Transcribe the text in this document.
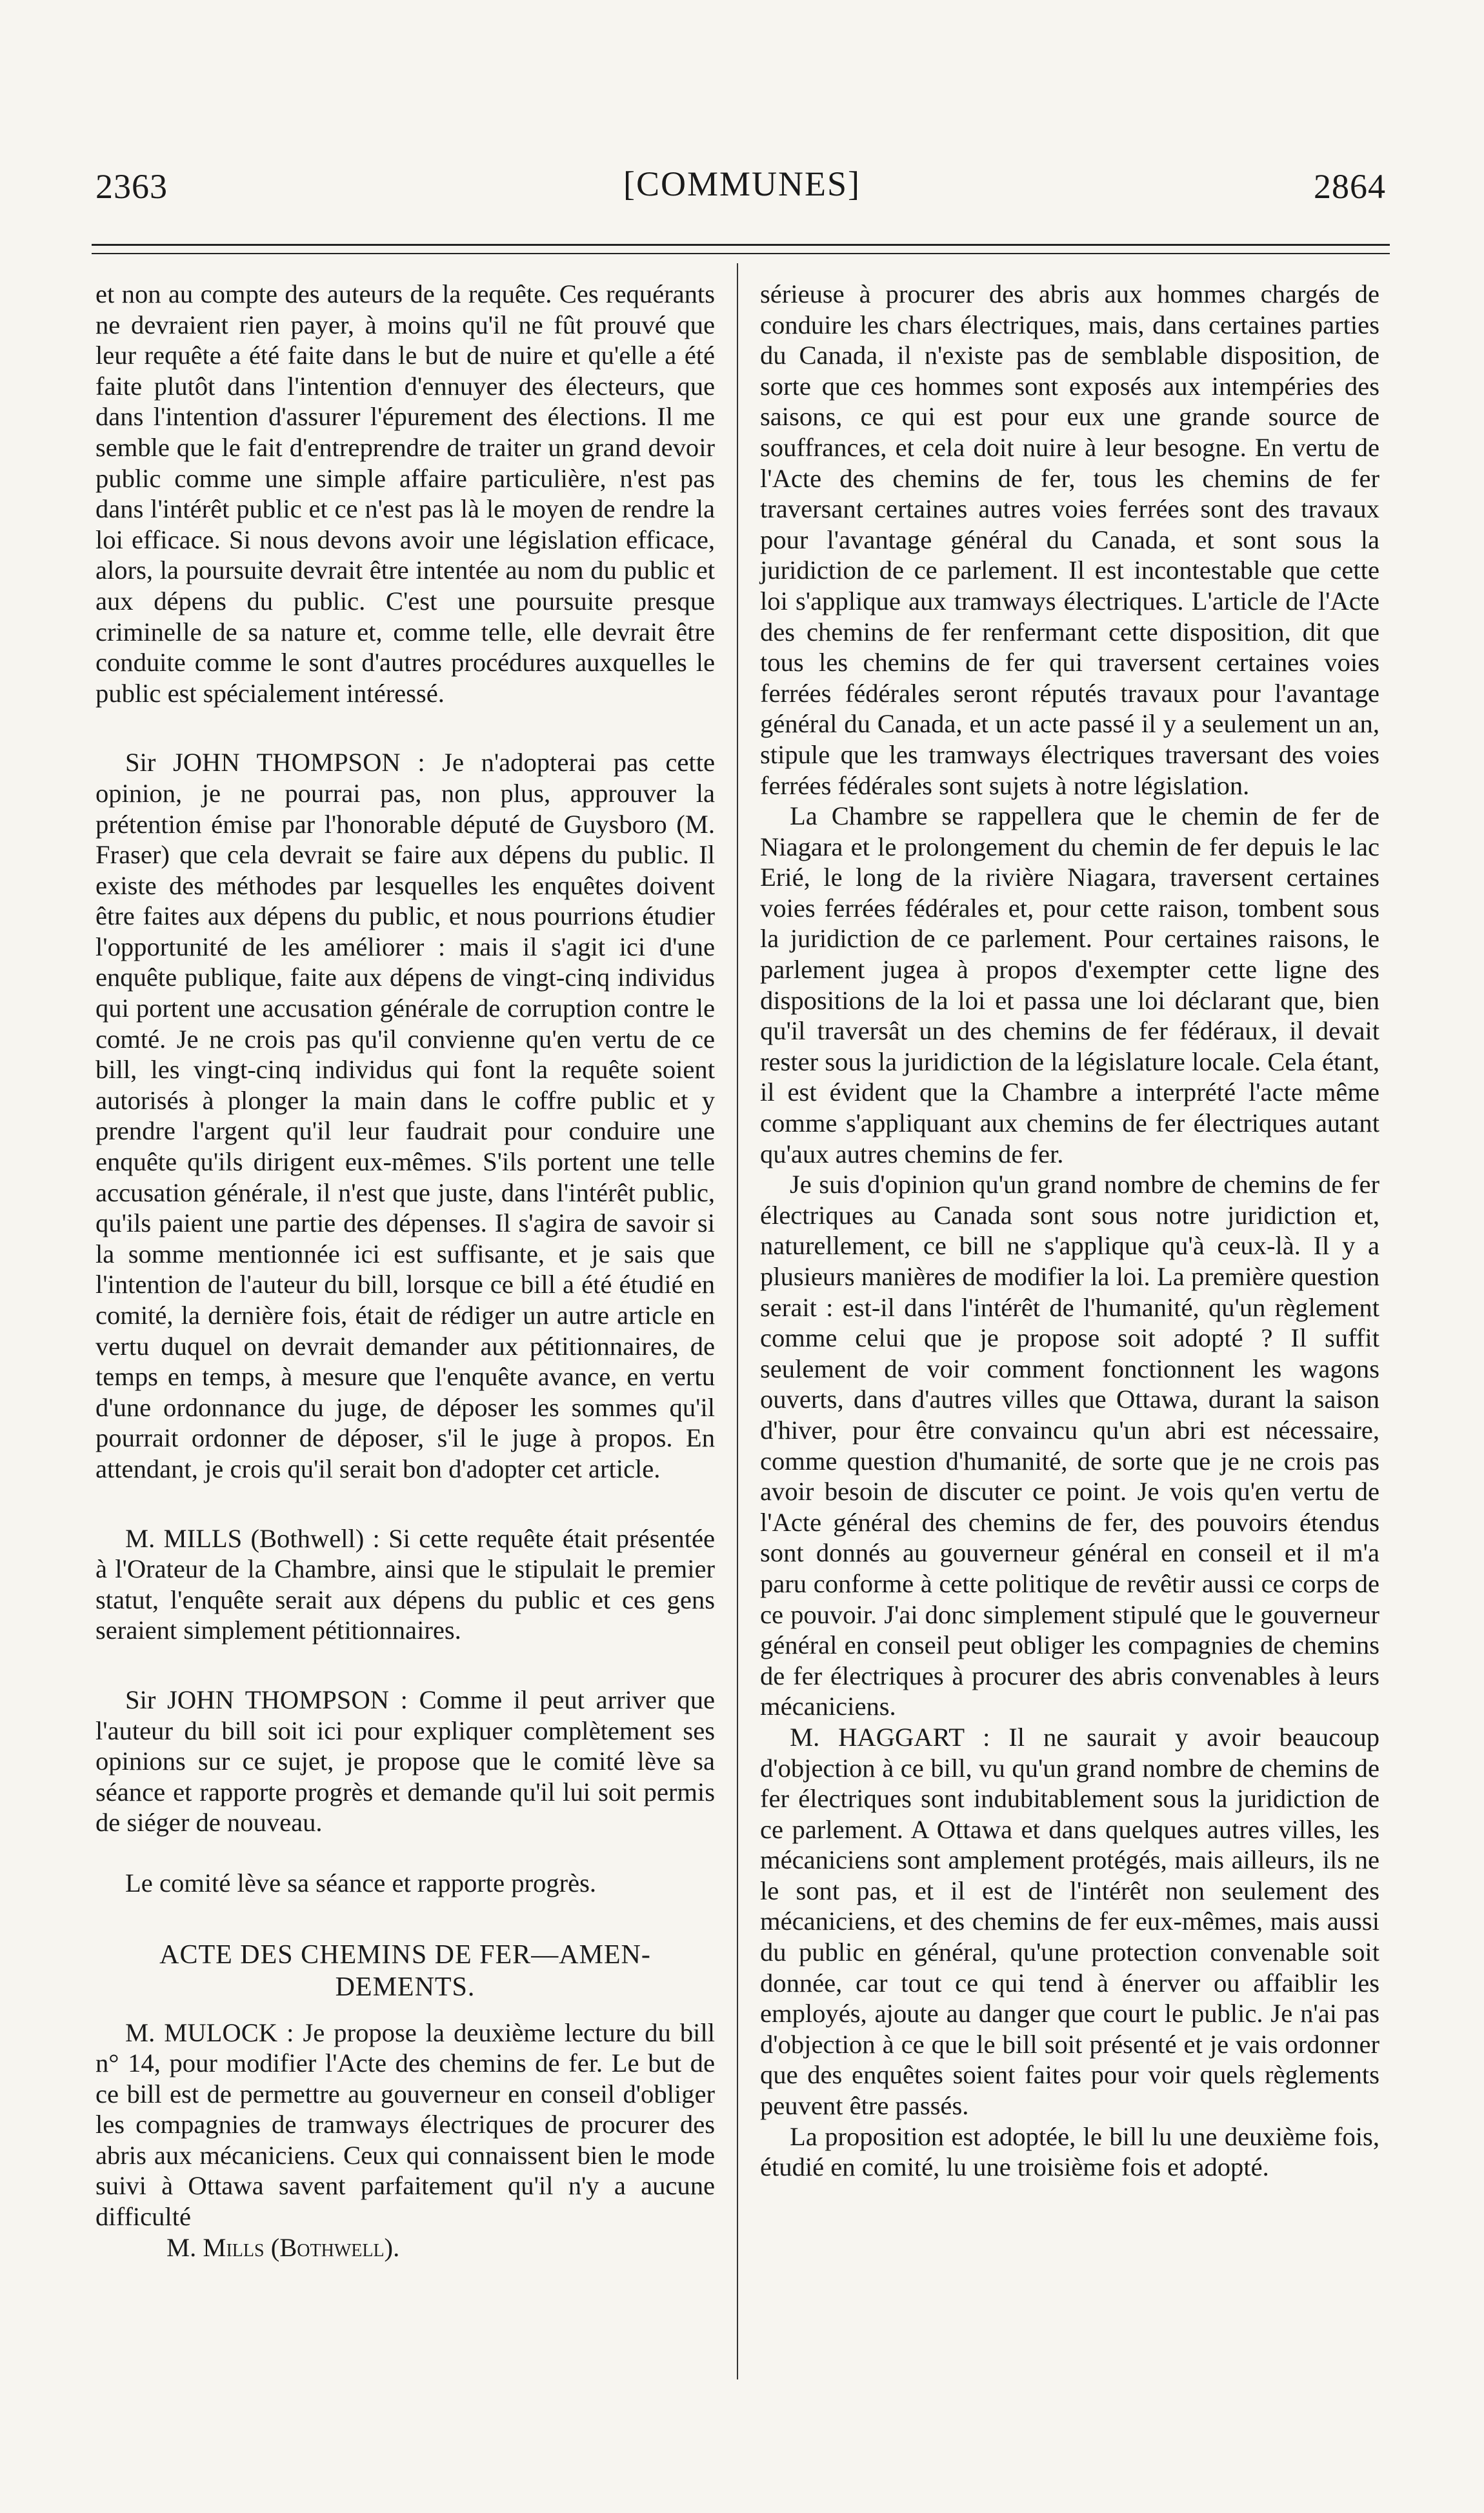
2363	[COMMUNES]	2864

et non au compte des auteurs de la requête. Ces requérants ne devraient rien payer, à moins qu'il ne fût prouvé que leur requête a été faite dans le but de nuire et qu'elle a été faite plutôt dans l'intention d'ennuyer des électeurs, que dans l'intention d'assurer l'épurement des élections. Il me semble que le fait d'entreprendre de traiter un grand devoir public comme une simple affaire particulière, n'est pas dans l'intérêt public et ce n'est pas là le moyen de rendre la loi efficace. Si nous devons avoir une législation efficace, alors, la poursuite devrait être intentée au nom du public et aux dépens du public. C'est une poursuite presque criminelle de sa nature et, comme telle, elle devrait être conduite comme le sont d'autres procédures auxquelles le public est spécialement intéressé.

Sir JOHN THOMPSON : Je n'adopterai pas cette opinion, je ne pourrai pas, non plus, approuver la prétention émise par l'honorable député de Guysboro (M. Fraser) que cela devrait se faire aux dépens du public. Il existe des méthodes par lesquelles les enquêtes doivent être faites aux dépens du public, et nous pourrions étudier l'opportunité de les améliorer : mais il s'agit ici d'une enquête publique, faite aux dépens de vingt-cinq individus qui portent une accusation générale de corruption contre le comté. Je ne crois pas qu'il convienne qu'en vertu de ce bill, les vingt-cinq individus qui font la requête soient autorisés à plonger la main dans le coffre public et y prendre l'argent qu'il leur faudrait pour conduire une enquête qu'ils dirigent eux-mêmes. S'ils portent une telle accusation générale, il n'est que juste, dans l'intérêt public, qu'ils paient une partie des dépenses. Il s'agira de savoir si la somme mentionnée ici est suffisante, et je sais que l'intention de l'auteur du bill, lorsque ce bill a été étudié en comité, la dernière fois, était de rédiger un autre article en vertu duquel on devrait demander aux pétitionnaires, de temps en temps, à mesure que l'enquête avance, en vertu d'une ordonnance du juge, de déposer les sommes qu'il pourrait ordonner de déposer, s'il le juge à propos. En attendant, je crois qu'il serait bon d'adopter cet article.

M. MILLS (Bothwell) : Si cette requête était présentée à l'Orateur de la Chambre, ainsi que le stipulait le premier statut, l'enquête serait aux dépens du public et ces gens seraient simplement pétitionnaires.

Sir JOHN THOMPSON : Comme il peut arriver que l'auteur du bill soit ici pour expliquer complètement ses opinions sur ce sujet, je propose que le comité lève sa séance et rapporte progrès et demande qu'il lui soit permis de siéger de nouveau.

Le comité lève sa séance et rapporte progrès.

ACTE DES CHEMINS DE FER—AMEN-
DEMENTS.

M. MULOCK : Je propose la deuxième lecture du bill n° 14, pour modifier l'Acte des chemins de fer. Le but de ce bill est de permettre au gouverneur en conseil d'obliger les compagnies de tramways électriques de procurer des abris aux mécaniciens. Ceux qui connaissent bien le mode suivi à Ottawa savent parfaitement qu'il n'y a aucune difficulté

M. Mills (Bothwell).

sérieuse à procurer des abris aux hommes chargés de conduire les chars électriques, mais, dans certaines parties du Canada, il n'existe pas de semblable disposition, de sorte que ces hommes sont exposés aux intempéries des saisons, ce qui est pour eux une grande source de souffrances, et cela doit nuire à leur besogne. En vertu de l'Acte des chemins de fer, tous les chemins de fer traversant certaines autres voies ferrées sont des travaux pour l'avantage général du Canada, et sont sous la juridiction de ce parlement. Il est incontestable que cette loi s'applique aux tramways électriques. L'article de l'Acte des chemins de fer renfermant cette disposition, dit que tous les chemins de fer qui traversent certaines voies ferrées fédérales seront réputés travaux pour l'avantage général du Canada, et un acte passé il y a seulement un an, stipule que les tramways électriques traversant des voies ferrées fédérales sont sujets à notre législation.

La Chambre se rappellera que le chemin de fer de Niagara et le prolongement du chemin de fer depuis le lac Erié, le long de la rivière Niagara, traversent certaines voies ferrées fédérales et, pour cette raison, tombent sous la juridiction de ce parlement. Pour certaines raisons, le parlement jugea à propos d'exempter cette ligne des dispositions de la loi et passa une loi déclarant que, bien qu'il traversât un des chemins de fer fédéraux, il devait rester sous la juridiction de la législature locale. Cela étant, il est évident que la Chambre a interprété l'acte même comme s'appliquant aux chemins de fer électriques autant qu'aux autres chemins de fer.

Je suis d'opinion qu'un grand nombre de chemins de fer électriques au Canada sont sous notre juridiction et, naturellement, ce bill ne s'applique qu'à ceux-là. Il y a plusieurs manières de modifier la loi. La première question serait : est-il dans l'intérêt de l'humanité, qu'un règlement comme celui que je propose soit adopté ? Il suffit seulement de voir comment fonctionnent les wagons ouverts, dans d'autres villes que Ottawa, durant la saison d'hiver, pour être convaincu qu'un abri est nécessaire, comme question d'humanité, de sorte que je ne crois pas avoir besoin de discuter ce point. Je vois qu'en vertu de l'Acte général des chemins de fer, des pouvoirs étendus sont donnés au gouverneur général en conseil et il m'a paru conforme à cette politique de revêtir aussi ce corps de ce pouvoir. J'ai donc simplement stipulé que le gouverneur général en conseil peut obliger les compagnies de chemins de fer électriques à procurer des abris convenables à leurs mécaniciens.

M. HAGGART : Il ne saurait y avoir beaucoup d'objection à ce bill, vu qu'un grand nombre de chemins de fer électriques sont indubitablement sous la juridiction de ce parlement. A Ottawa et dans quelques autres villes, les mécaniciens sont amplement protégés, mais ailleurs, ils ne le sont pas, et il est de l'intérêt non seulement des mécaniciens, et des chemins de fer eux-mêmes, mais aussi du public en général, qu'une protection convenable soit donnée, car tout ce qui tend à énerver ou affaiblir les employés, ajoute au danger que court le public. Je n'ai pas d'objection à ce que le bill soit présenté et je vais ordonner que des enquêtes soient faites pour voir quels règlements peuvent être passés.

La proposition est adoptée, le bill lu une deuxième fois, étudié en comité, lu une troisième fois et adopté.
